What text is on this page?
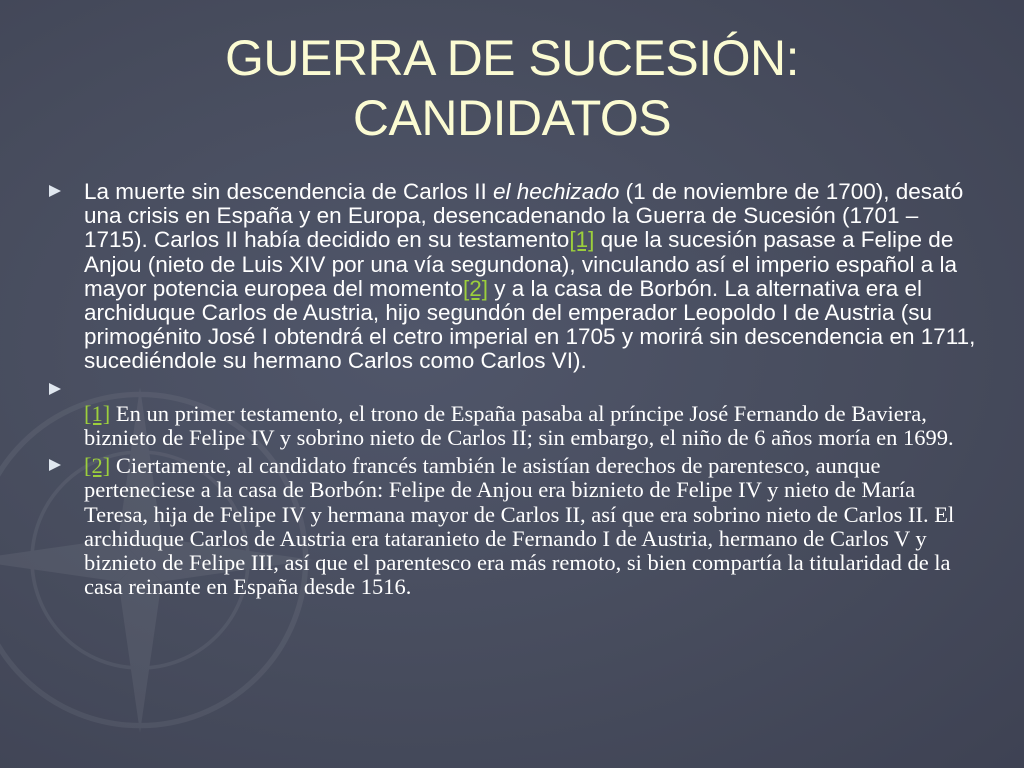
GUERRA DE SUCESIÓN:
CANDIDATOS
La muerte sin descendencia de Carlos II el hechizado (1 de noviembre de 1700), desató una crisis en España y en Europa, desencadenando la Guerra de Sucesión (1701 – 1715). Carlos II había decidido en su testamento[1] que la sucesión pasase a Felipe de Anjou (nieto de Luis XIV por una vía segundona), vinculando así el imperio español a la mayor potencia europea del momento[2] y a la casa de Borbón. La alternativa era el archiduque Carlos de Austria, hijo segundón del emperador Leopoldo I de Austria (su primogénito José I obtendrá el cetro imperial en 1705 y morirá sin descendencia en 1711, sucediéndole su hermano Carlos como Carlos VI).

[1] En un primer testamento, el trono de España pasaba al príncipe José Fernando de Baviera, biznieto de Felipe IV y sobrino nieto de Carlos II; sin embargo, el niño de 6 años moría en 1699.
[2] Ciertamente, al candidato francés también le asistían derechos de parentesco, aunque perteneciese a la casa de Borbón: Felipe de Anjou era biznieto de Felipe IV y nieto de María Teresa, hija de Felipe IV y hermana mayor de Carlos II, así que era sobrino nieto de Carlos II. El archiduque Carlos de Austria era tataranieto de Fernando I de Austria, hermano de Carlos V y biznieto de Felipe III, así que el parentesco era más remoto, si bien compartía la titularidad de la casa reinante en España desde 1516.
